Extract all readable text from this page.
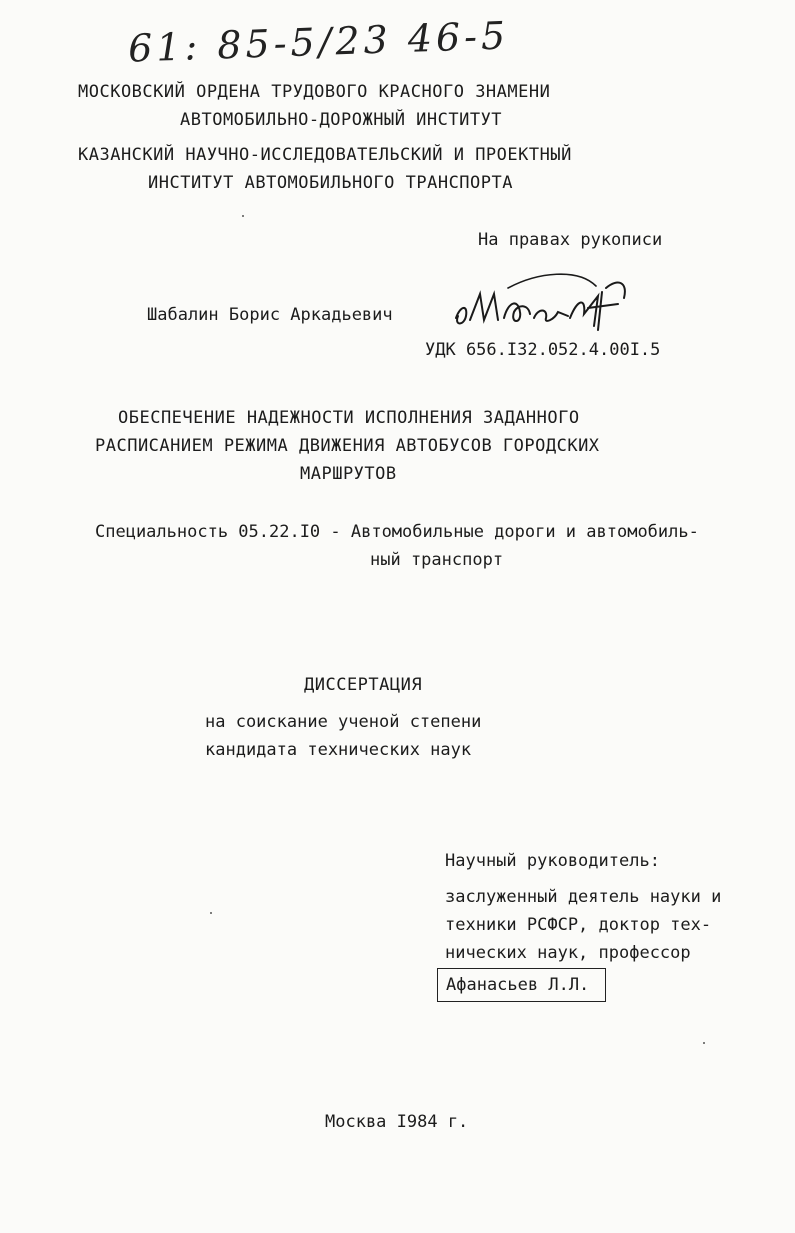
61: 85-5/23 46-5
МОСКОВСКИЙ ОРДЕНА ТРУДОВОГО КРАСНОГО ЗНАМЕНИ
АВТОМОБИЛЬНО-ДОРОЖНЫЙ ИНСТИТУТ
КАЗАНСКИЙ НАУЧНО-ИССЛЕДОВАТЕЛЬСКИЙ И ПРОЕКТНЫЙ
ИНСТИТУТ АВТОМОБИЛЬНОГО ТРАНСПОРТА
На правах рукописи
Шабалин Борис Аркадьевич
УДК 656.I32.052.4.00I.5
ОБЕСПЕЧЕНИЕ НАДЕЖНОСТИ ИСПОЛНЕНИЯ ЗАДАННОГО
РАСПИСАНИЕМ РЕЖИМА ДВИЖЕНИЯ АВТОБУСОВ ГОРОДСКИХ
МАРШРУТОВ
Специальность 05.22.I0 - Автомобильные дороги и автомобиль-
ный транспорт
ДИССЕРТАЦИЯ
на соискание ученой степени
кандидата технических наук
Научный руководитель:
заслуженный деятель науки и
техники РСФСР, доктор тех-
нических наук, профессор
Афанасьев Л.Л.
Москва I984 г.
